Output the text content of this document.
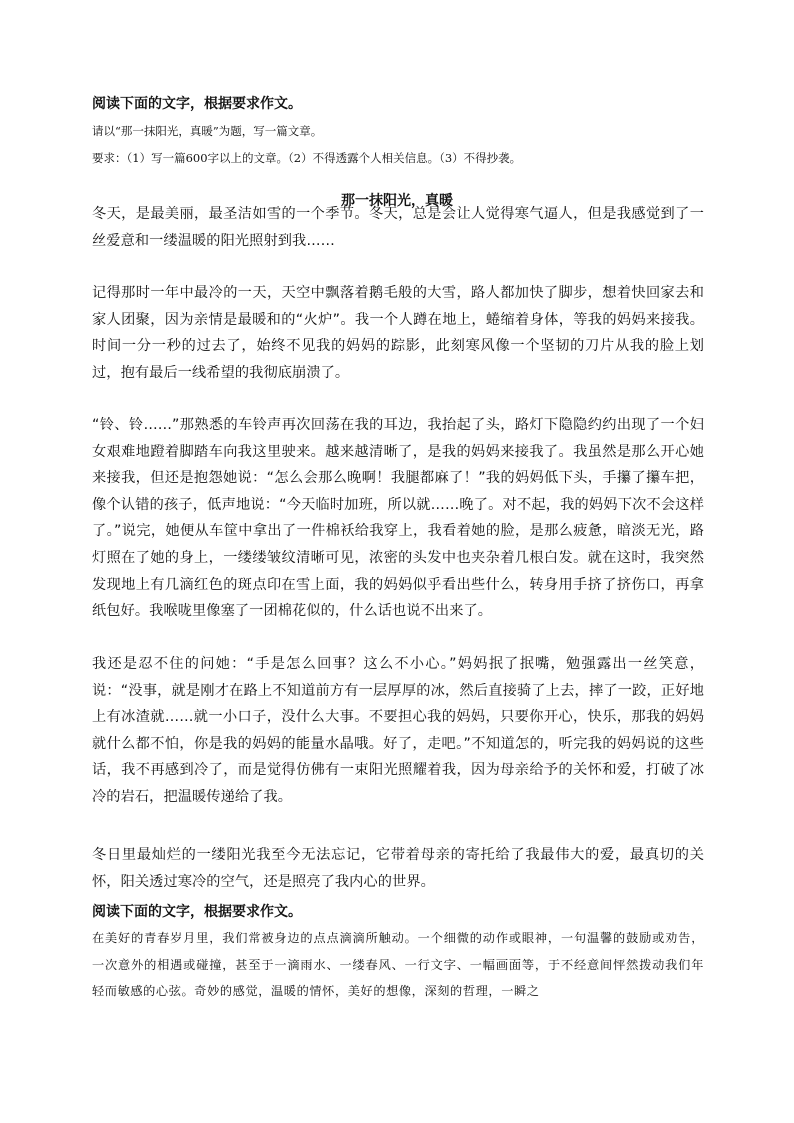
阅读下面的文字，根据要求作文。

请以“那一抹阳光，真暖”为题，写一篇文章。

要求：（1）写一篇600字以上的文章。（2）不得透露个人相关信息。（3）不得抄袭。

那一抹阳光，真暖

冬天，是最美丽，最圣洁如雪的一个季节。冬天，总是会让人觉得寒气逼人，但是我感觉到了一丝爱意和一缕温暖的阳光照射到我……

记得那时一年中最冷的一天，天空中飘落着鹅毛般的大雪，路人都加快了脚步，想着快回家去和家人团聚，因为亲情是最暖和的“火炉”。我一个人蹲在地上，蜷缩着身体，等我的妈妈来接我。时间一分一秒的过去了，始终不见我的妈妈的踪影，此刻寒风像一个坚韧的刀片从我的脸上划过，抱有最后一线希望的我彻底崩溃了。

“铃、铃……”那熟悉的车铃声再次回荡在我的耳边，我抬起了头，路灯下隐隐约约出现了一个妇女艰难地蹬着脚踏车向我这里驶来。越来越清晰了，是我的妈妈来接我了。我虽然是那么开心她来接我，但还是抱怨她说：“怎么会那么晚啊！我腿都麻了！”我的妈妈低下头，手攥了攥车把，像个认错的孩子，低声地说：“今天临时加班，所以就……晚了。对不起，我的妈妈下次不会这样了。”说完，她便从车筐中拿出了一件棉袄给我穿上，我看着她的脸，是那么疲惫，暗淡无光，路灯照在了她的身上，一缕缕皱纹清晰可见，浓密的头发中也夹杂着几根白发。就在这时，我突然发现地上有几滴红色的斑点印在雪上面，我的妈妈似乎看出些什么，转身用手挤了挤伤口，再拿纸包好。我喉咙里像塞了一团棉花似的，什么话也说不出来了。

我还是忍不住的问她：“手是怎么回事？这么不小心。”妈妈抿了抿嘴，勉强露出一丝笑意，说：“没事，就是刚才在路上不知道前方有一层厚厚的冰，然后直接骑了上去，摔了一跤，正好地上有冰渣就……就一小口子，没什么大事。不要担心我的妈妈，只要你开心，快乐，那我的妈妈就什么都不怕，你是我的妈妈的能量水晶哦。好了，走吧。”不知道怎的，听完我的妈妈说的这些话，我不再感到冷了，而是觉得仿佛有一束阳光照耀着我，因为母亲给予的关怀和爱，打破了冰冷的岩石，把温暖传递给了我。

冬日里最灿烂的一缕阳光我至今无法忘记，它带着母亲的寄托给了我最伟大的爱，最真切的关怀，阳关透过寒冷的空气，还是照亮了我内心的世界。

阅读下面的文字，根据要求作文。

在美好的青春岁月里，我们常被身边的点点滴滴所触动。一个细微的动作或眼神，一句温馨的鼓励或劝告，一次意外的相遇或碰撞，甚至于一滴雨水、一缕春风、一行文字、一幅画面等，于不经意间怦然拨动我们年轻而敏感的心弦。奇妙的感觉，温暖的情怀，美好的想像，深刻的哲理，一瞬之
